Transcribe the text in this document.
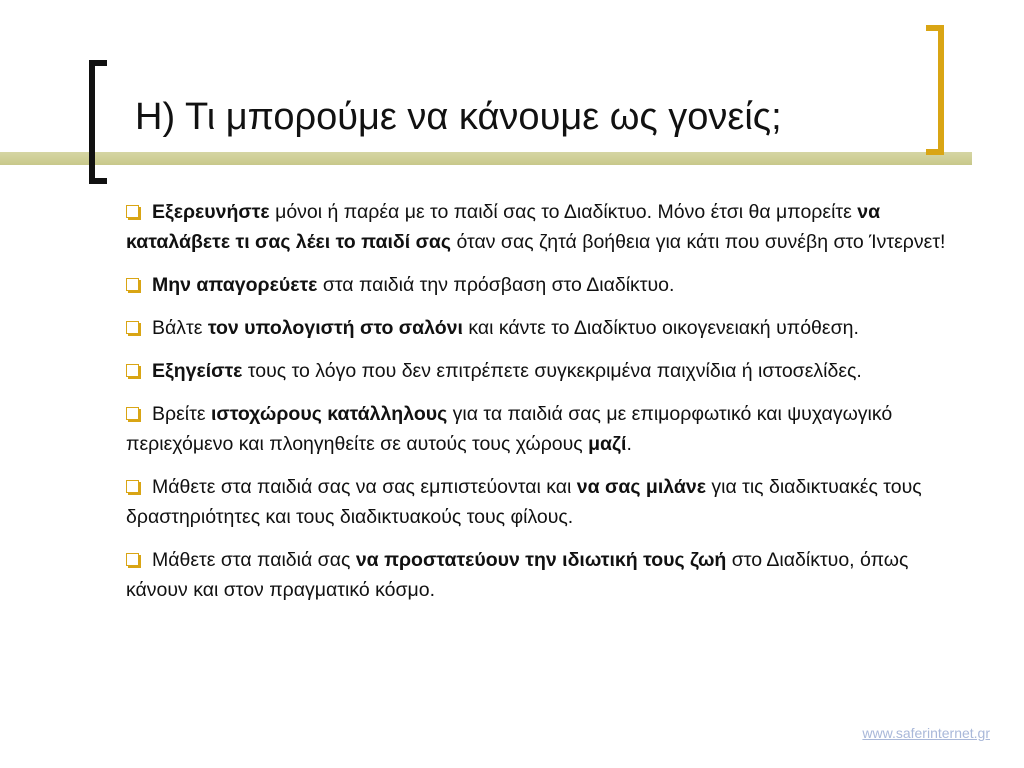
Η) Τι μπορούμε να κάνουμε ως γονείς;
Εξερευνήστε μόνοι ή παρέα με το παιδί σας το Διαδίκτυο. Μόνο έτσι θα μπορείτε να καταλάβετε τι σας λέει το παιδί σας όταν σας ζητά βοήθεια για κάτι που συνέβη στο Ίντερνετ!
Μην απαγορεύετε στα παιδιά την πρόσβαση στο Διαδίκτυο.
Βάλτε τον υπολογιστή στο σαλόνι και κάντε το Διαδίκτυο οικογενειακή υπόθεση.
Εξηγείστε τους το λόγο που δεν επιτρέπετε συγκεκριμένα παιχνίδια ή ιστοσελίδες.
Βρείτε ιστοχώρους κατάλληλους για τα παιδιά σας με επιμορφωτικό και ψυχαγωγικό περιεχόμενο και πλοηγηθείτε σε αυτούς τους χώρους μαζί.
Μάθετε στα παιδιά σας να σας εμπιστεύονται και να σας μιλάνε για τις διαδικτυακές τους δραστηριότητες και τους διαδικτυακούς τους φίλους.
Μάθετε στα παιδιά σας να προστατεύουν την ιδιωτική τους ζωή στο Διαδίκτυο, όπως κάνουν και στον πραγματικό κόσμο.
www.saferinternet.gr
